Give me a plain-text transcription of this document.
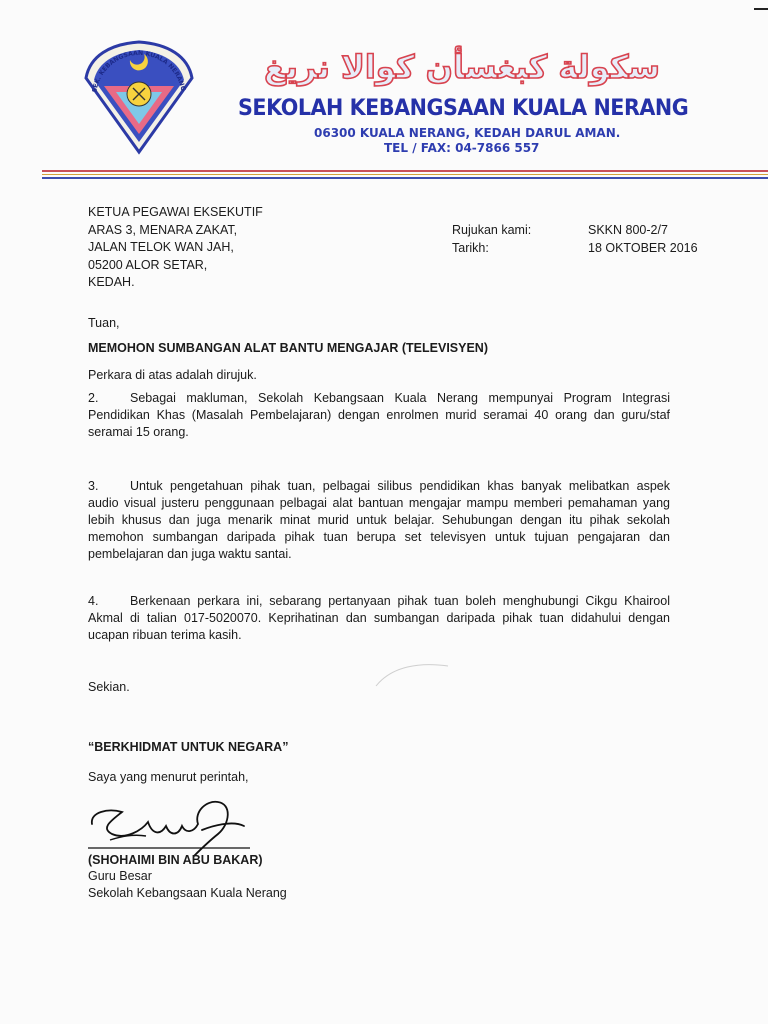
SEK. KEBANGSAAN KUALA NERANG
سكولة كبغسأن كوالا نريغ
SEKOLAH KEBANGSAAN KUALA NERANG
06300 KUALA NERANG, KEDAH DARUL AMAN.
TEL / FAX: 04-7866 557
KETUA PEGAWAI EKSEKUTIF
ARAS 3, MENARA ZAKAT,
JALAN TELOK WAN JAH,
05200 ALOR SETAR,
KEDAH.
Rujukan kami:	SKKN 800-2/7
Tarikh:	18 OKTOBER 2016
Tuan,
MEMOHON SUMBANGAN ALAT BANTU MENGAJAR (TELEVISYEN)
Perkara di atas adalah dirujuk.
2.	Sebagai makluman, Sekolah Kebangsaan Kuala Nerang mempunyai Program Integrasi
Pendidikan Khas (Masalah Pembelajaran) dengan enrolmen murid seramai 40 orang dan guru/staf
seramai 15 orang.
3.	Untuk pengetahuan pihak tuan, pelbagai silibus pendidikan khas banyak melibatkan aspek
audio visual justeru penggunaan pelbagai alat bantuan mengajar mampu memberi pemahaman yang
lebih khusus dan juga menarik minat murid untuk belajar. Sehubungan dengan itu pihak sekolah
memohon sumbangan daripada pihak tuan berupa set televisyen untuk tujuan pengajaran dan
pembelajaran dan juga waktu santai.
4.	Berkenaan perkara ini, sebarang pertanyaan pihak tuan boleh menghubungi Cikgu Khairool
Akmal di talian 017-5020070. Keprihatinan dan sumbangan daripada pihak tuan didahului dengan
ucapan ribuan terima kasih.
Sekian.
“BERKHIDMAT UNTUK NEGARA”
Saya yang menurut perintah,
(SHOHAIMI BIN ABU BAKAR)
Guru Besar
Sekolah Kebangsaan Kuala Nerang
